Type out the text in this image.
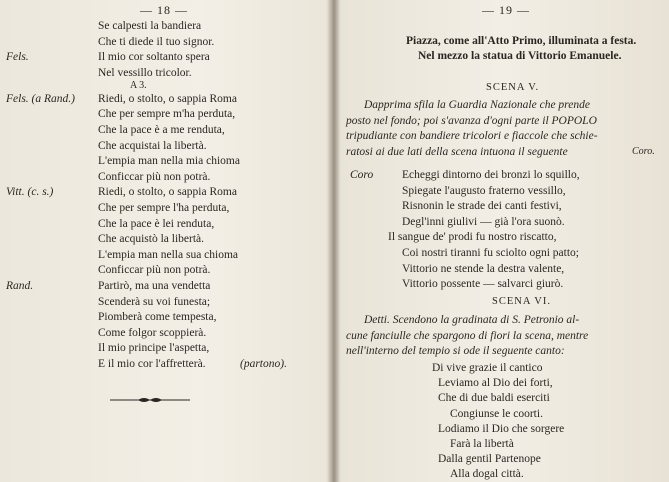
— 18 —
Se calpesti la bandiera
Che ti diede il tuo signor.
Fels.	Il mio cor soltanto spera
Nel vessillo tricolor.
A 3.
Fels. (a Rand.) Riedi, o stolto, o sappia Roma
Che per sempre m'ha perduta,
Che la pace è a me renduta,
Che acquistai la libertà.
L'empia man nella mia chioma
Conficcar più non potrà.
Vitt. (c. s.)	Riedi, o stolto, o sappia Roma
Che per sempre l'ha perduta,
Che la pace è lei renduta,
Che acquistò la libertà.
L'empia man nella sua chioma
Conficcar più non potrà.
Rand.	Partirò, ma una vendetta
Scenderà su voi funesta;
Piomberà come tempesta,
Come folgor scoppierà.
Il mio principe l'aspetta,
E il mio cor l'affretterà.	(partono).
— 19 —
Piazza, come all'Atto Primo, illuminata a festa.
Nel mezzo la statua di Vittorio Emanuele.
SCENA V.
Dapprima sfila la Guardia Nazionale che prende
posto nel fondo; poi s'avanza d'ogni parte il POPOLO
tripudiante con bandiere tricolori e fiaccole che schie-
ratosi ai due lati della scena intuona il seguente	Coro.
Coro	Echeggi dintorno dei bronzi lo squillo,
Spiegate l'augusto fraterno vessillo,
Risnonin le strade dei canti festivi,
Degl'inni giulivi — già l'ora suonò.
Il sangue de' prodi fu nostro riscatto,
Coi nostri tiranni fu sciolto ogni patto;
Vittorio ne stende la destra valente,
Vittorio possente — salvarci giurò.
SCENA VI.
Detti. Scendono la gradinata di S. Petronio al-
cune fanciulle che spargono di fiori la scena, mentre
nell'interno del tempio si ode il seguente canto:
Di vive grazie il cantico
Leviamo al Dio dei forti,
Che di due baldi eserciti
Congiunse le coorti.
Lodiamo il Dio che sorgere
Farà la libertà
Dalla gentil Partenope
Alla dogal città.
